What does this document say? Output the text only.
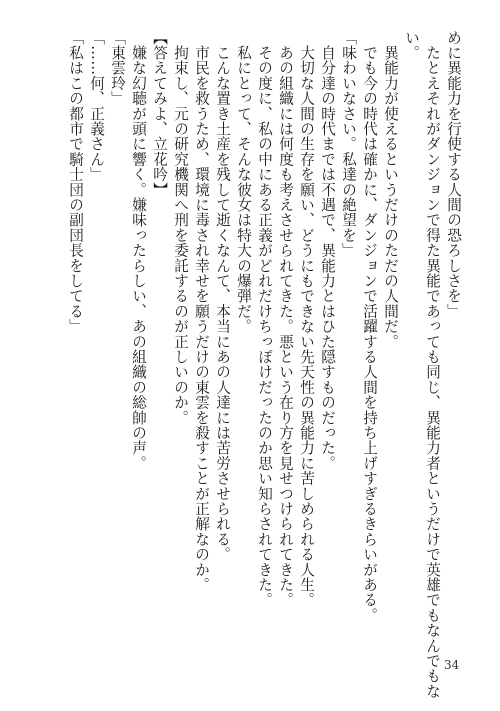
めに異能力を行使する人間の恐ろしさを」
　たとえそれがダンジョンで得た異能であっても同じ、異能力者というだけで英雄でもなんでもな
い。
　異能力が使えるというだけのただの人間だ。
　でも今の時代は確かに、ダンジョンで活躍する人間を持ち上げすぎるきらいがある。
「味わいなさい。私達の絶望を」
　自分達の時代までは不遇で、異能力とはひた隠すものだった。
　大切な人間の生存を願い、どうにもできない先天性の異能力に苦しめられる人生。
　あの組織には何度も考えさせられてきた。悪という在り方を見せつけられてきた。
　その度に、私の中にある正義がどれだけちっぽけだったのか思い知らされてきた。
　私にとって、そんな彼女は特大の爆弾だ。
　こんな置き土産を残して逝くなんて、本当にあの人達には苦労させられる。
　市民を救うため、環境に毒され幸せを願うだけの東雲を殺すことが正解なのか。
　拘束し、元の研究機関へ刑を委託するのが正しいのか。
【答えてみよ、立花吟】
　嫌な幻聴が頭に響く。嫌味ったらしい、あの組織の総帥の声。
「東雲玲」
「……何、正義さん」
「私はこの都市で騎士団の副団長をしてる」
34
